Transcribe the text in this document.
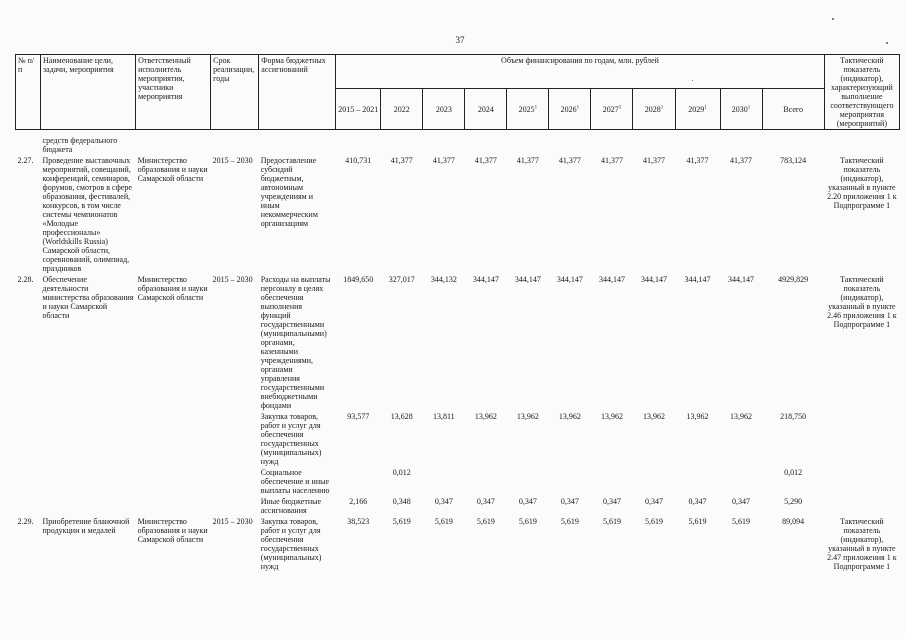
37
№ п/п	Наименование цели, задачи, мероприятия	Ответственный исполнитель мероприятия, участники мероприятия	Срок реализации, годы	Форма бюджетных ассигнований	Объем финансирования по годам, млн. рублей											Тактический показатель (индикатор), характеризующий выполнение соответствующего мероприятия (мероприятий)
					2015 – 2021	2022	2023	2024	2025$^1$	2026$^1$	2027$^1$	2028$^1$	2029$^1$	2030$^1$	Всего	
	средств федерального бюджета															
2.27.	Проведение выставочных мероприятий, совещаний, конференций, семинаров, форумов, смотров в сфере образования, фестивалей, конкурсов, в том числе системы чемпионатов «Молодые профессионалы» (Worldskills Russia) Самарской области, соревнований, олимпиад, праздников	Министерство образования и науки Самарской области	2015 – 2030	Предоставление субсидий бюджетным, автономным учреждениям и иным некоммерческим организациям	410,731	41,377	41,377	41,377	41,377	41,377	41,377	41,377	41,377	41,377	783,124	Тактический показатель (индикатор), указанный в пункте 2.20 приложения 1 к Подпрограмме 1
2.28.	Обеспечение деятельности министерства образования и науки Самарской области	Министерство образования и науки Самарской области	2015 – 2030	Расходы на выплаты персоналу в целях обеспечения выполнения функций государственными (муниципальными) органами, казенными учреждениями, органами управления государственными внебюджетными фондами	1849,650	327,017	344,132	344,147	344,147	344,147	344,147	344,147	344,147	344,147	4929,829	Тактический показатель (индикатор), указанный в пункте 2.46 приложения 1 к Подпрограмме 1
				Закупка товаров, работ и услуг для обеспечения государственных (муниципальных) нужд	93,577	13,628	13,811	13,962	13,962	13,962	13,962	13,962	13,962	13,962	218,750	
				Социальное обеспечение и иные выплаты населению		0,012									0,012	
				Иные бюджетные ассигнования	2,166	0,348	0,347	0,347	0,347	0,347	0,347	0,347	0,347	0,347	5,290	
2.29.	Приобретение бланочной продукции и медалей	Министерство образования и науки Самарской области	2015 – 2030	Закупка товаров, работ и услуг для обеспечения государственных (муниципальных) нужд	38,523	5,619	5,619	5,619	5,619	5,619	5,619	5,619	5,619	5,619	89,094	Тактический показатель (индикатор), указанный в пункте 2.47 приложения 1 к Подпрограмме 1
